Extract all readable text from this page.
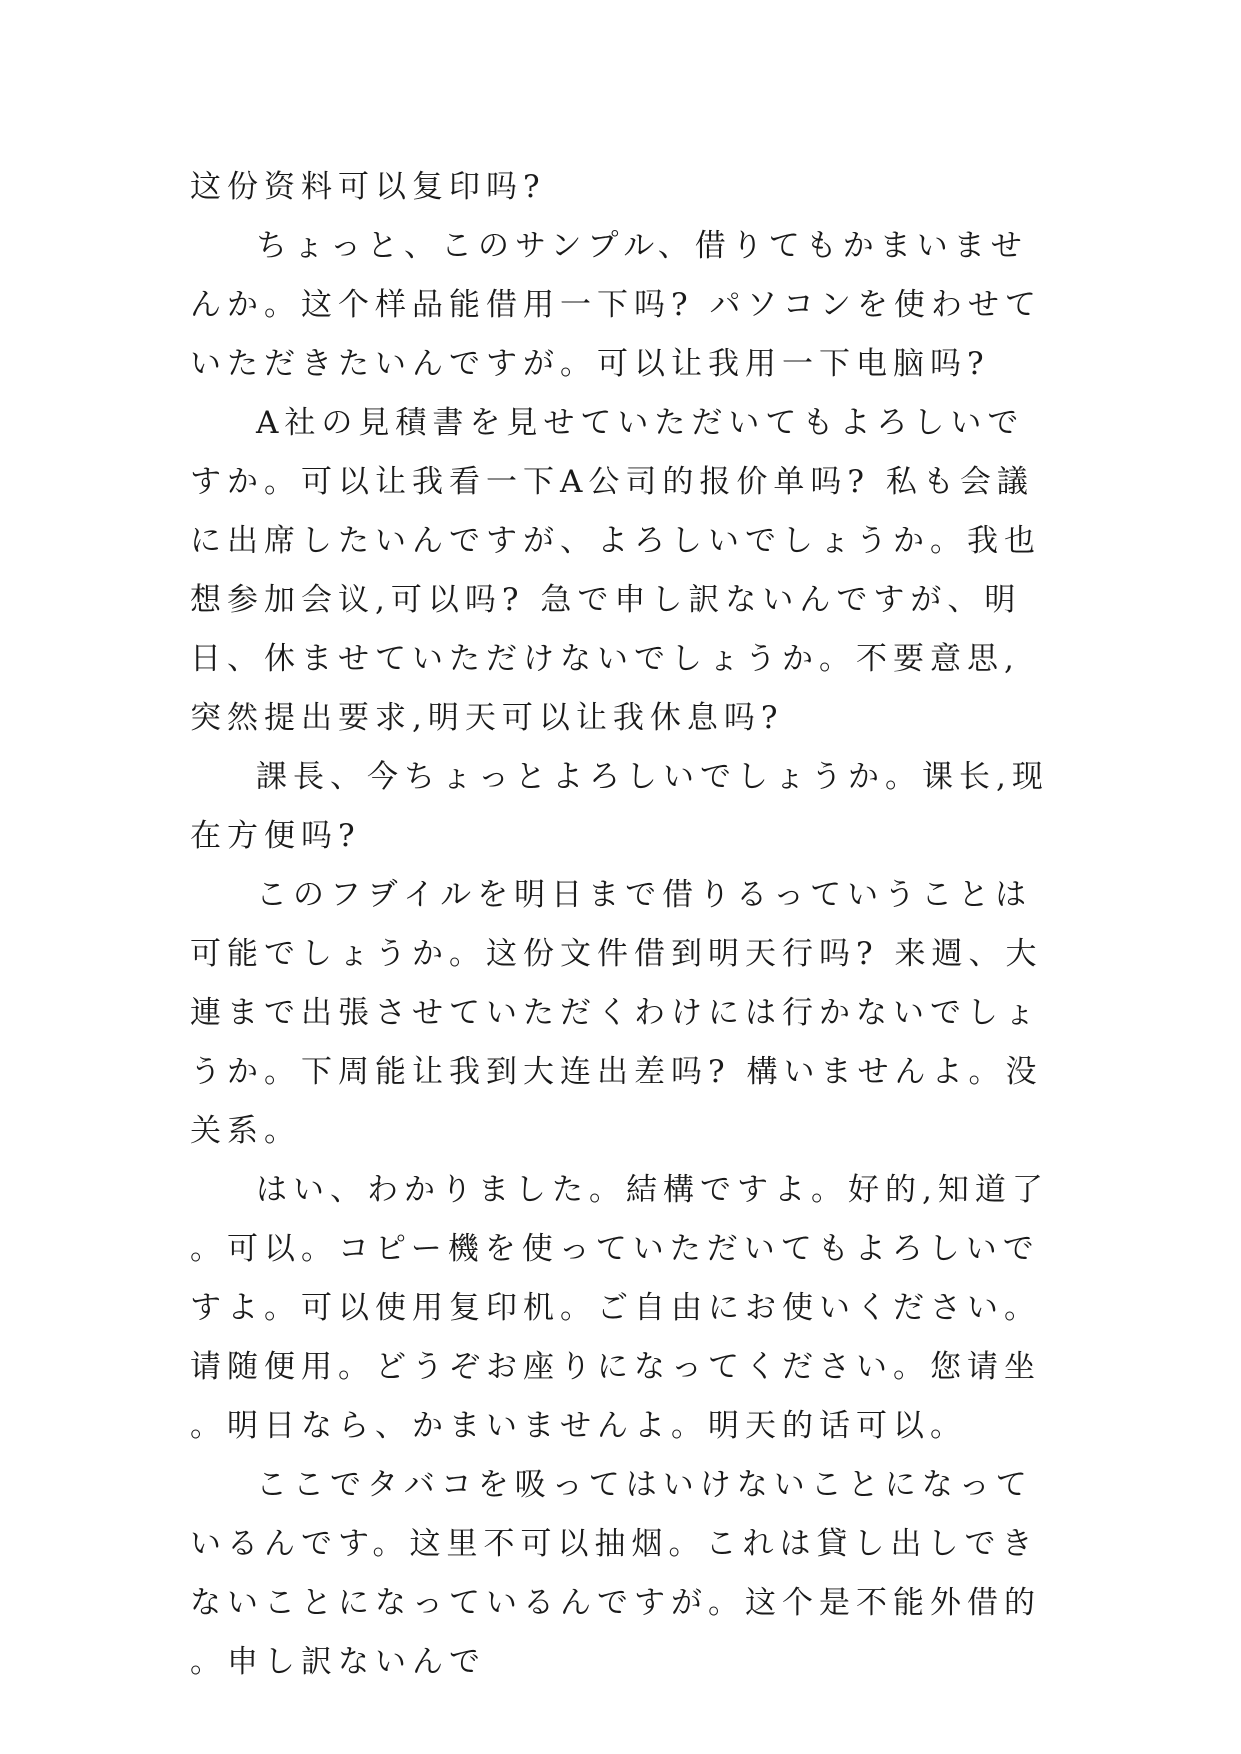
这份资料可以复印吗?

ちょっと、このサンプル、借りてもかまいませんか。这个样品能借用一下吗? パソコンを使わせていただきたいんですが。可以让我用一下电脑吗?

A社の見積書を見せていただいてもよろしいですか。可以让我看一下A公司的报价单吗? 私も会議に出席したいんですが、よろしいでしょうか。我也想参加会议,可以吗? 急で申し訳ないんですが、明日、休ませていただけないでしょうか。不要意思,突然提出要求,明天可以让我休息吗?

課長、今ちょっとよろしいでしょうか。课长,现在方便吗?

このフヺイルを明日まで借りるっていうことは可能でしょうか。这份文件借到明天行吗? 来週、大連まで出張させていただくわけには行かないでしょうか。下周能让我到大连出差吗? 構いませんよ。没关系。

はい、わかりました。結構ですよ。好的,知道了。可以。コピー機を使っていただいてもよろしいですよ。可以使用复印机。ご自由にお使いください。请随便用。どうぞお座りになってください。您请坐。明日なら、かまいませんよ。明天的话可以。

ここでタバコを吸ってはいけないことになっているんです。这里不可以抽烟。これは貸し出しできないことになっているんですが。这个是不能外借的。申し訳ないんで
